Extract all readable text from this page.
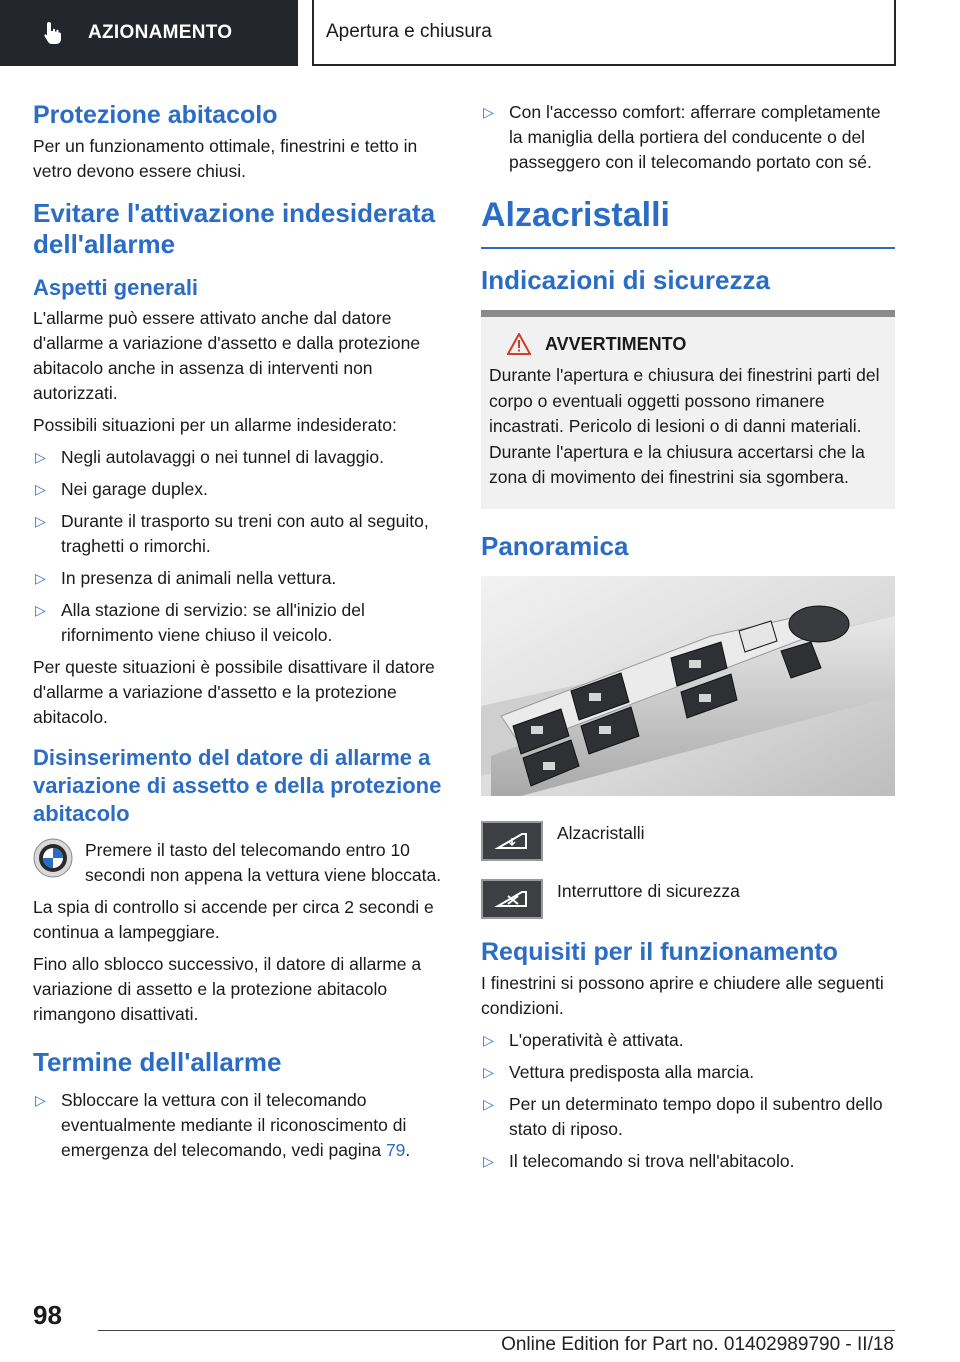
AZIONAMENTO	Apertura e chiusura
Protezione abitacolo

Per un funzionamento ottimale, finestrini e tetto in vetro devono essere chiusi.

Evitare l'attivazione indesiderata dell'allarme
Aspetti generali

L'allarme può essere attivato anche dal datore d'allarme a variazione d'assetto e dalla protezione abitacolo anche in assenza di interventi non autorizzati.

Possibili situazioni per un allarme indesiderato:

▷ Negli autolavaggi o nei tunnel di lavaggio.
▷ Nei garage duplex.
▷ Durante il trasporto su treni con auto al seguito, traghetti o rimorchi.
▷ In presenza di animali nella vettura.
▷ Alla stazione di servizio: se all'inizio del rifornimento viene chiuso il veicolo.

Per queste situazioni è possibile disattivare il datore d'allarme a variazione d'assetto e la protezione abitacolo.

Disinserimento del datore di allarme a variazione di assetto e della protezione abitacolo

Premere il tasto del telecomando entro 10 secondi non appena la vettura viene bloccata.

La spia di controllo si accende per circa 2 secondi e continua a lampeggiare.

Fino allo sblocco successivo, il datore di allarme a variazione di assetto e la protezione abitacolo rimangono disattivati.

Termine dell'allarme
▷ Sbloccare la vettura con il telecomando eventualmente mediante il riconoscimento di emergenza del telecomando, vedi pagina 79.
▷ Con l'accesso comfort: afferrare completamente la maniglia della portiera del conducente o del passeggero con il telecomando portato con sé.
Alzacristalli
Indicazioni di sicurezza
AVVERTIMENTO

Durante l'apertura e chiusura dei finestrini parti del corpo o eventuali oggetti possono rimanere incastrati. Pericolo di lesioni o di danni materiali.

Durante l'apertura e la chiusura accertarsi che la zona di movimento dei finestrini sia sgombera.

Panoramica
Alzacristalli
Interruttore di sicurezza
Requisiti per il funzionamento

I finestrini si possono aprire e chiudere alle seguenti condizioni.

▷ L'operatività è attivata.
▷ Vettura predisposta alla marcia.
▷ Per un determinato tempo dopo il subentro dello stato di riposo.
▷ Il telecomando si trova nell'abitacolo.
98
Online Edition for Part no. 01402989790 - II/18
